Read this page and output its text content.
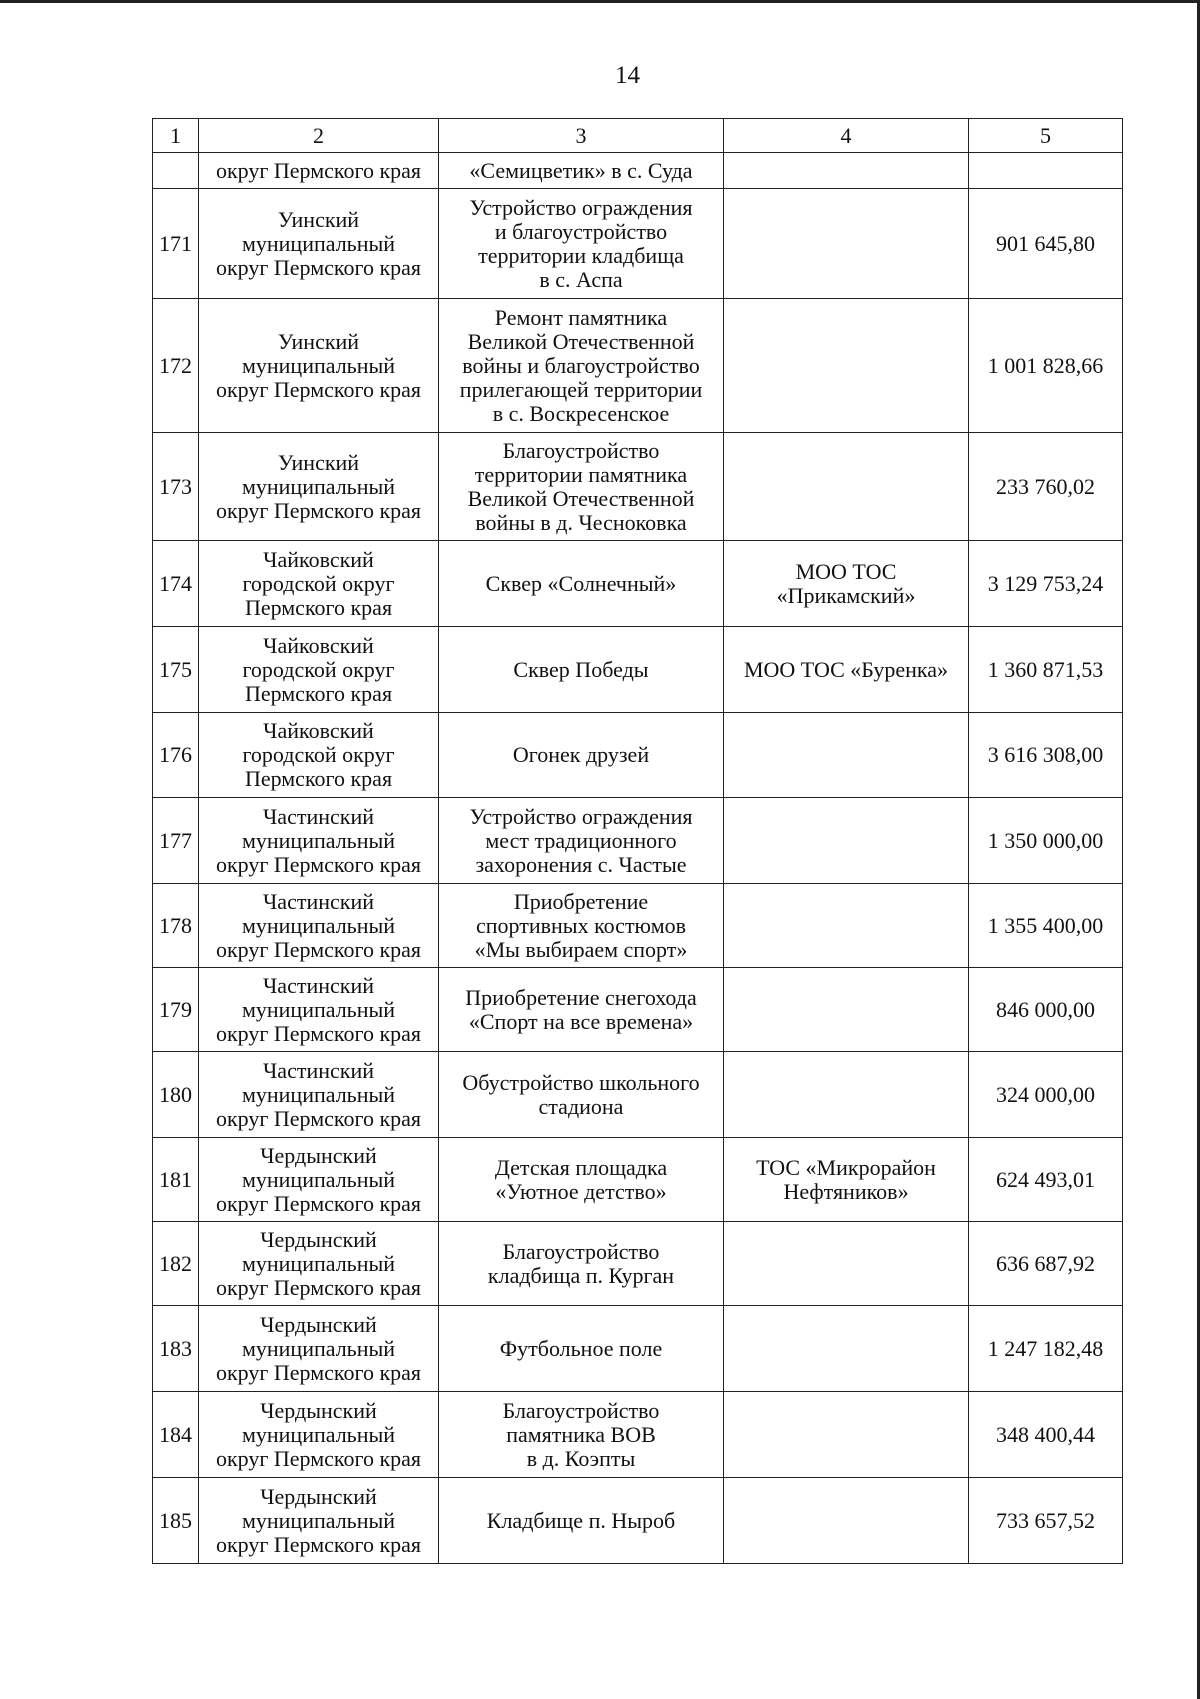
14
1	2	3	4	5
	округ Пермского края	«Семицветик» в с. Суда		
171	Уинский
муниципальный
округ Пермского края	Устройство ограждения
и благоустройство
территории кладбища
в с. Аспа		901 645,80
172	Уинский
муниципальный
округ Пермского края	Ремонт памятника
Великой Отечественной
войны и благоустройство
прилегающей территории
в с. Воскресенское		1 001 828,66
173	Уинский
муниципальный
округ Пермского края	Благоустройство
территории памятника
Великой Отечественной
войны в д. Чесноковка		233 760,02
174	Чайковский
городской округ
Пермского края	Сквер «Солнечный»	МОО ТОС
«Прикамский»	3 129 753,24
175	Чайковский
городской округ
Пермского края	Сквер Победы	МОО ТОС «Буренка»	1 360 871,53
176	Чайковский
городской округ
Пермского края	Огонек друзей		3 616 308,00
177	Частинский
муниципальный
округ Пермского края	Устройство ограждения
мест традиционного
захоронения с. Частые		1 350 000,00
178	Частинский
муниципальный
округ Пермского края	Приобретение
спортивных костюмов
«Мы выбираем спорт»		1 355 400,00
179	Частинский
муниципальный
округ Пермского края	Приобретение снегохода
«Спорт на все времена»		846 000,00
180	Частинский
муниципальный
округ Пермского края	Обустройство школьного
стадиона		324 000,00
181	Чердынский
муниципальный
округ Пермского края	Детская площадка
«Уютное детство»	ТОС «Микрорайон
Нефтяников»	624 493,01
182	Чердынский
муниципальный
округ Пермского края	Благоустройство
кладбища п. Курган		636 687,92
183	Чердынский
муниципальный
округ Пермского края	Футбольное поле		1 247 182,48
184	Чердынский
муниципальный
округ Пермского края	Благоустройство
памятника ВОВ
в д. Коэпты		348 400,44
185	Чердынский
муниципальный
округ Пермского края	Кладбище п. Ныроб		733 657,52
